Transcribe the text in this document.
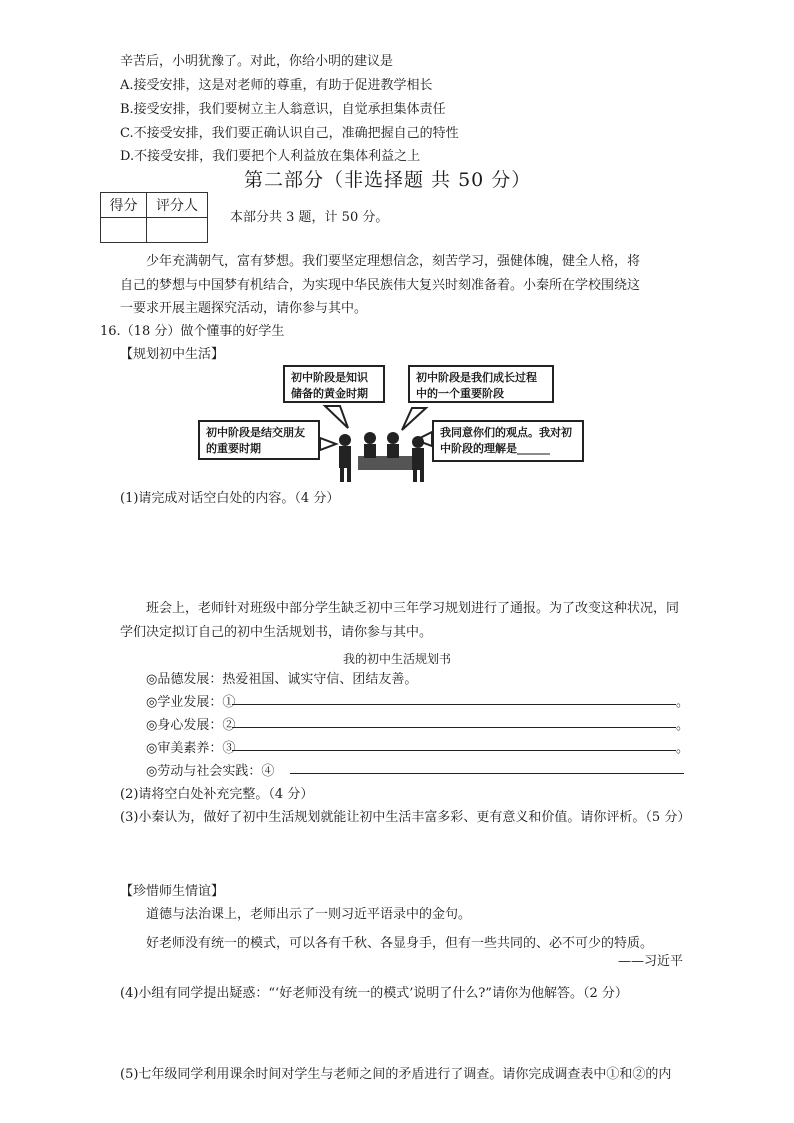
辛苦后，小明犹豫了。对此，你给小明的建议是
A.接受安排，这是对老师的尊重，有助于促进教学相长
B.接受安排，我们要树立主人翁意识，自觉承担集体责任
C.不接受安排，我们要正确认识自己，准确把握自己的特性
D.不接受安排，我们要把个人利益放在集体利益之上
第二部分（非选择题 共 50 分）
得分	评分人

本部分共 3 题，计 50 分。
少年充满朝气，富有梦想。我们要坚定理想信念，刻苦学习，强健体魄，健全人格，将
自己的梦想与中国梦有机结合，为实现中华民族伟大复兴时刻准备着。小秦所在学校围绕这
一要求开展主题探究活动，请你参与其中。
16.（18 分）做个懂事的好学生
【规划初中生活】
初中阶段是知识储备的黄金时期
初中阶段是我们成长过程中的一个重要阶段
初中阶段是结交朋友的重要时期
我同意你们的观点。我对初中阶段的理解是______
(1)请完成对话空白处的内容。（4 分）
班会上，老师针对班级中部分学生缺乏初中三年学习规划进行了通报。为了改变这种状况，同
学们决定拟订自己的初中生活规划书，请你参与其中。
我的初中生活规划书
◎品德发展：热爱祖国、诚实守信、团结友善。
◎学业发展：①	。
◎身心发展：②	。
◎审美素养：③	。
◎劳动与社会实践：④
(2)请将空白处补充完整。（4 分）
(3)小秦认为，做好了初中生活规划就能让初中生活丰富多彩、更有意义和价值。请你评析。（5 分）
【珍惜师生情谊】
道德与法治课上，老师出示了一则习近平语录中的金句。
好老师没有统一的模式，可以各有千秋、各显身手，但有一些共同的、必不可少的特质。
——习近平
(4)小组有同学提出疑惑：“‘好老师没有统一的模式’说明了什么?”请你为他解答。（2 分）
(5)七年级同学利用课余时间对学生与老师之间的矛盾进行了调查。请你完成调查表中①和②的内
